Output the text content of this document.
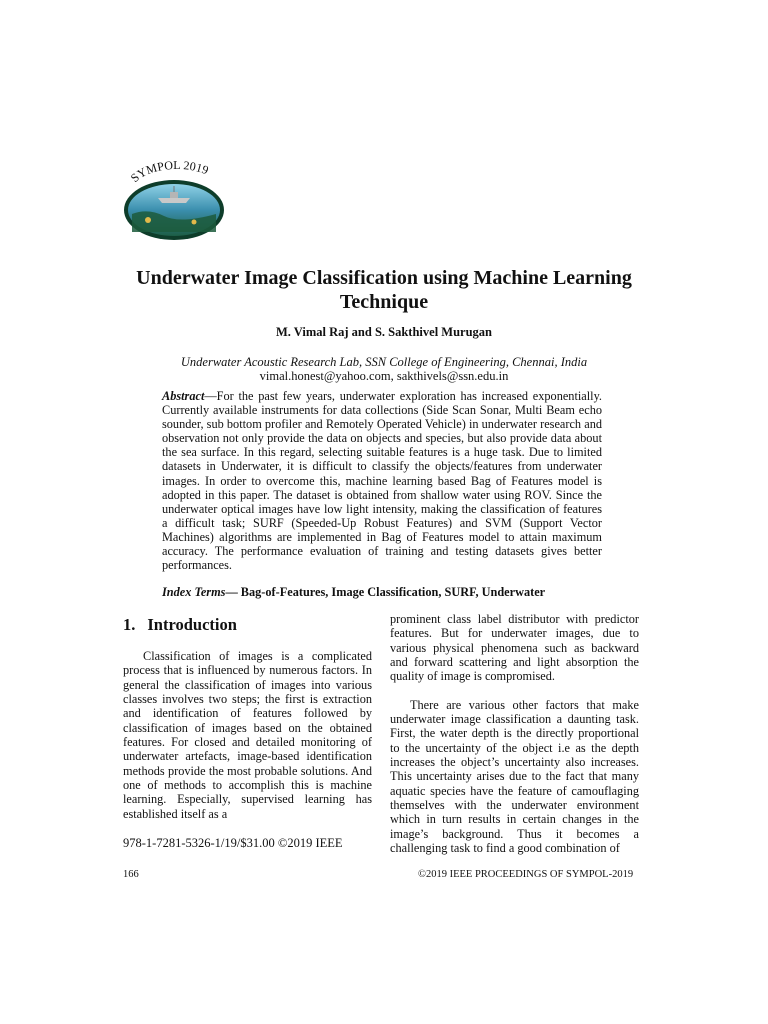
SYMPOL 2019
Underwater Image Classification using Machine Learning Technique
M. Vimal Raj and S. Sakthivel Murugan
Underwater Acoustic Research Lab, SSN College of Engineering, Chennai, India
vimal.honest@yahoo.com, sakthivels@ssn.edu.in
Abstract—For the past few years, underwater exploration has increased exponentially. Currently available instruments for data collections (Side Scan Sonar, Multi Beam echo sounder, sub bottom profiler and Remotely Operated Vehicle) in underwater research and observation not only provide the data on objects and species, but also provide data about the sea surface. In this regard, selecting suitable features is a huge task. Due to limited datasets in Underwater, it is difficult to classify the objects/features from underwater images. In order to overcome this, machine learning based Bag of Features model is adopted in this paper. The dataset is obtained from shallow water using ROV. Since the underwater optical images have low light intensity, making the classification of features a difficult task; SURF (Speeded-Up Robust Features) and SVM (Support Vector Machines) algorithms are implemented in Bag of Features model to attain maximum accuracy. The performance evaluation of training and testing datasets gives better performances.
Index Terms— Bag-of-Features, Image Classification, SURF, Underwater
1. Introduction

Classification of images is a complicated process that is influenced by numerous factors. In general the classification of images into various classes involves two steps; the first is extraction and identification of features followed by classification of images based on the obtained features. For closed and detailed monitoring of underwater artefacts, image-based identification methods provide the most probable solutions. And one of methods to accomplish this is machine learning. Especially, supervised learning has established itself as a

prominent class label distributor with predictor features. But for underwater images, due to various physical phenomena such as backward and forward scattering and light absorption the quality of image is compromised.

There are various other factors that make underwater image classification a daunting task. First, the water depth is the directly proportional to the uncertainty of the object i.e as the depth increases the object’s uncertainty also increases. This uncertainty arises due to the fact that many aquatic species have the feature of camouflaging themselves with the underwater environment which in turn results in certain changes in the image’s background. Thus it becomes a challenging task to find a good combination of

978-1-7281-5326-1/19/$31.00 ©2019 IEEE
166	©2019 IEEE PROCEEDINGS OF SYMPOL-2019
